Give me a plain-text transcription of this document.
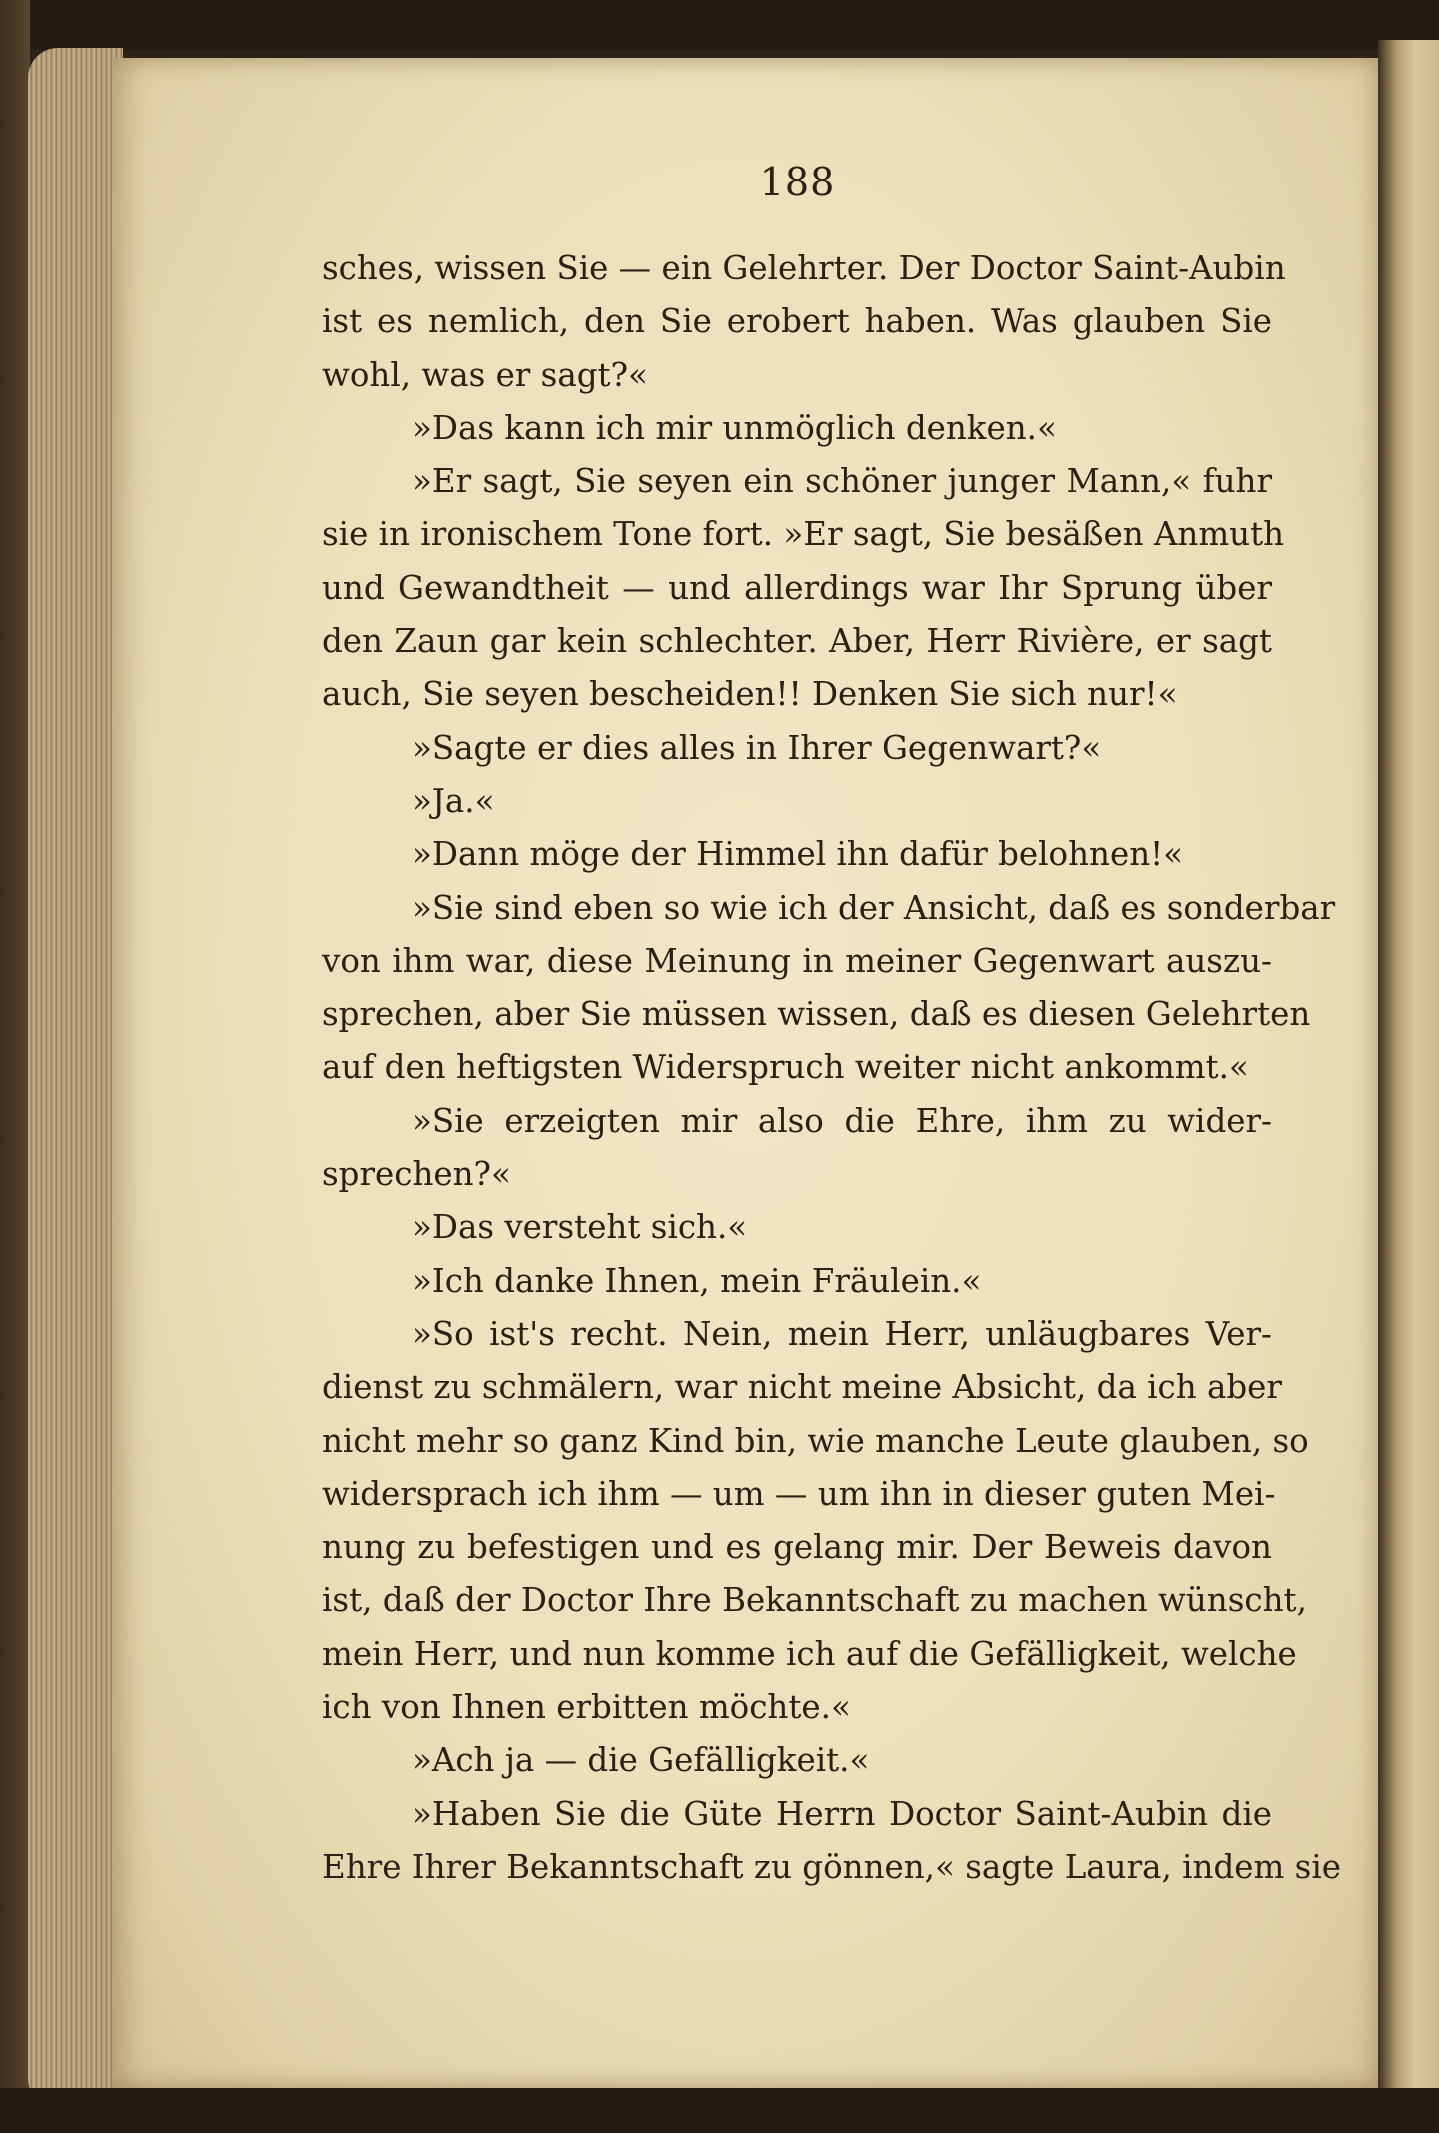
188
sches, wissen Sie — ein Gelehrter. Der Doctor Saint-Aubin
ist es nemlich, den Sie erobert haben. Was glauben Sie
wohl, was er sagt?«
»Das kann ich mir unmöglich denken.«
»Er sagt, Sie seyen ein schöner junger Mann,« fuhr
sie in ironischem Tone fort. »Er sagt, Sie besäßen Anmuth
und Gewandtheit — und allerdings war Ihr Sprung über
den Zaun gar kein schlechter. Aber, Herr Rivière, er sagt
auch, Sie seyen bescheiden!! Denken Sie sich nur!«
»Sagte er dies alles in Ihrer Gegenwart?«
»Ja.«
»Dann möge der Himmel ihn dafür belohnen!«
»Sie sind eben so wie ich der Ansicht, daß es sonderbar
von ihm war, diese Meinung in meiner Gegenwart auszu-
sprechen, aber Sie müssen wissen, daß es diesen Gelehrten
auf den heftigsten Widerspruch weiter nicht ankommt.«
»Sie erzeigten mir also die Ehre, ihm zu wider-
sprechen?«
»Das versteht sich.«
»Ich danke Ihnen, mein Fräulein.«
»So ist's recht. Nein, mein Herr, unläugbares Ver-
dienst zu schmälern, war nicht meine Absicht, da ich aber
nicht mehr so ganz Kind bin, wie manche Leute glauben, so
widersprach ich ihm — um — um ihn in dieser guten Mei-
nung zu befestigen und es gelang mir. Der Beweis davon
ist, daß der Doctor Ihre Bekanntschaft zu machen wünscht,
mein Herr, und nun komme ich auf die Gefälligkeit, welche
ich von Ihnen erbitten möchte.«
»Ach ja — die Gefälligkeit.«
»Haben Sie die Güte Herrn Doctor Saint-Aubin die
Ehre Ihrer Bekanntschaft zu gönnen,« sagte Laura, indem sie
